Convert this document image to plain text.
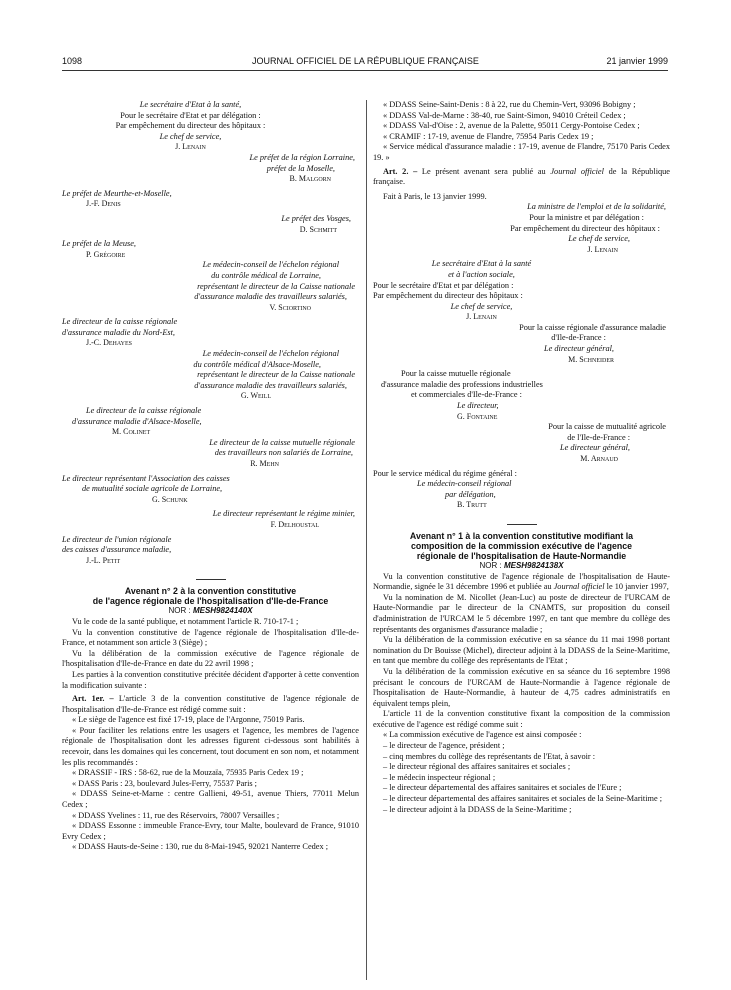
1098	JOURNAL OFFICIEL DE LA RÉPUBLIQUE FRANÇAISE	21 janvier 1999

Le secrétaire d'Etat à la santé,

Pour le secrétaire d'Etat et par délégation :

Par empêchement du directeur des hôpitaux :

Le chef de service,

J. Lenain

Le préfet de la région Lorraine,

préfet de la Moselle,

B. Malgorn

Le préfet de Meurthe-et-Moselle,

J.-F. Denis

Le préfet des Vosges,

D. Schmitt

Le préfet de la Meuse,

P. Grégoire

Le médecin-conseil de l'échelon régional

du contrôle médical de Lorraine,

représentant le directeur de la Caisse nationale

d'assurance maladie des travailleurs salariés,

V. Sciortino

Le directeur de la caisse régionale

d'assurance maladie du Nord-Est,

J.-C. Dehayes

Le médecin-conseil de l'échelon régional

du contrôle médical d'Alsace-Moselle,

représentant le directeur de la Caisse nationale

d'assurance maladie des travailleurs salariés,

G. Weill

Le directeur de la caisse régionale

d'assurance maladie d'Alsace-Moselle,

M. Colinet

Le directeur de la caisse mutuelle régionale

des travailleurs non salariés de Lorraine,

R. Mehn

Le directeur représentant l'Association des caisses

de mutualité sociale agricole de Lorraine,

G. Schunk

Le directeur représentant le régime minier,

F. Delhoustal

Le directeur de l'union régionale

des caisses d'assurance maladie,

J.-L. Petit

Avenant n° 2 à la convention constitutive

de l'agence régionale de l'hospitalisation d'Ile-de-France

NOR : MESH9824140X

Vu le code de la santé publique, et notamment l'article R. 710-17-1 ;

Vu la convention constitutive de l'agence régionale de l'hospitalisation d'Ile-de-France, et notamment son article 3 (Siège) ;

Vu la délibération de la commission exécutive de l'agence régionale de l'hospitalisation d'Ile-de-France en date du 22 avril 1998 ;

Les parties à la convention constitutive précitée décident d'apporter à cette convention la modification suivante :

Art. 1er. – L'article 3 de la convention constitutive de l'agence régionale de l'hospitalisation d'Ile-de-France est rédigé comme suit :

« Le siège de l'agence est fixé 17-19, place de l'Argonne, 75019 Paris.

« Pour faciliter les relations entre les usagers et l'agence, les membres de l'agence régionale de l'hospitalisation dont les adresses figurent ci-dessous sont habilités à recevoir, dans les domaines qui les concernent, tout document en son nom, et notamment les plis recommandés :

« DRASSIF - IRS : 58-62, rue de la Mouzaïa, 75935 Paris Cedex 19 ;

« DASS Paris : 23, boulevard Jules-Ferry, 75537 Paris ;

« DDASS Seine-et-Marne : centre Gallieni, 49-51, avenue Thiers, 77011 Melun Cedex ;

« DDASS Yvelines : 11, rue des Réservoirs, 78007 Versailles ;

« DDASS Essonne : immeuble France-Evry, tour Malte, boulevard de France, 91010 Evry Cedex ;

« DDASS Hauts-de-Seine : 130, rue du 8-Mai-1945, 92021 Nanterre Cedex ;

« DDASS Seine-Saint-Denis : 8 à 22, rue du Chemin-Vert, 93096 Bobigny ;

« DDASS Val-de-Marne : 38-40, rue Saint-Simon, 94010 Créteil Cedex ;

« DDASS Val-d'Oise : 2, avenue de la Palette, 95011 Cergy-Pontoise Cedex ;

« CRAMIF : 17-19, avenue de Flandre, 75954 Paris Cedex 19 ;

« Service médical d'assurance maladie : 17-19, avenue de Flandre, 75170 Paris Cedex 19. »

Art. 2. – Le présent avenant sera publié au Journal officiel de la République française.

Fait à Paris, le 13 janvier 1999.

La ministre de l'emploi et de la solidarité,

Pour la ministre et par délégation :

Par empêchement du directeur des hôpitaux :

Le chef de service,

J. Lenain

Le secrétaire d'Etat à la santé

et à l'action sociale,

Pour le secrétaire d'Etat et par délégation :

Par empêchement du directeur des hôpitaux :

Le chef de service,

J. Lenain

Pour la caisse régionale d'assurance maladie

d'Ile-de-France :

Le directeur général,

M. Schneider

Pour la caisse mutuelle régionale

d'assurance maladie des professions industrielles

et commerciales d'Ile-de-France :

Le directeur,

G. Fontaine

Pour la caisse de mutualité agricole

de l'Ile-de-France :

Le directeur général,

M. Arnaud

Pour le service médical du régime général :

Le médecin-conseil régional

par délégation,

B. Trutt

Avenant n° 1 à la convention constitutive modifiant la

composition de la commission exécutive de l'agence

régionale de l'hospitalisation de Haute-Normandie

NOR : MESH9824138X

Vu la convention constitutive de l'agence régionale de l'hospitalisation de Haute-Normandie, signée le 31 décembre 1996 et publiée au Journal officiel le 10 janvier 1997,

Vu la nomination de M. Nicollet (Jean-Luc) au poste de directeur de l'URCAM de Haute-Normandie par le directeur de la CNAMTS, sur proposition du conseil d'administration de l'URCAM le 5 décembre 1997, en tant que membre du collège des représentants des organismes d'assurance maladie ;

Vu la délibération de la commission exécutive en sa séance du 11 mai 1998 portant nomination du Dr Bouisse (Michel), directeur adjoint à la DDASS de la Seine-Maritime, en tant que membre du collège des représentants de l'Etat ;

Vu la délibération de la commission exécutive en sa séance du 16 septembre 1998 précisant le concours de l'URCAM de Haute-Normandie à l'agence régionale de l'hospitalisation de Haute-Normandie, à hauteur de 4,75 cadres administratifs en équivalent temps plein,

L'article 11 de la convention constitutive fixant la composition de la commission exécutive de l'agence est rédigé comme suit :

« La commission exécutive de l'agence est ainsi composée :

– le directeur de l'agence, président ;

– cinq membres du collège des représentants de l'Etat, à savoir :

– le directeur régional des affaires sanitaires et sociales ;

– le médecin inspecteur régional ;

– le directeur départemental des affaires sanitaires et sociales de l'Eure ;

– le directeur départemental des affaires sanitaires et sociales de la Seine-Maritime ;

– le directeur adjoint à la DDASS de la Seine-Maritime ;
